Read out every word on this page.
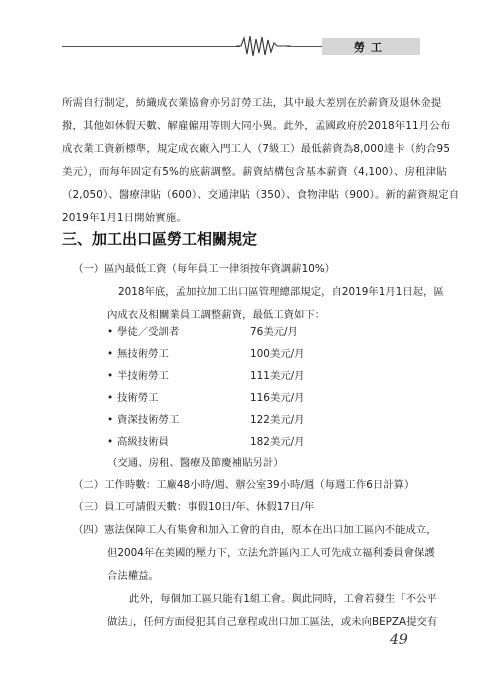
勞工

所需自行制定，紡織成衣業協會亦另訂勞工法，其中最大差別在於薪資及退休金提
撥，其他如休假天數、解雇僱用等則大同小異。此外，孟國政府於2018年11月公布
成衣業工資新標準，規定成衣廠入門工人（7級工）最低薪資為8,000達卡（約合95
美元），而每年固定有5%的底薪調整。薪資結構包含基本薪資（4,100）、房租津貼
（2,050）、醫療津貼（600）、交通津貼（350）、食物津貼（900）。新的薪資規定自
2019年1月1日開始實施。

三、加工出口區勞工相關規定
（一）區內最低工資（每年員工一律須按年資調薪10%）
2018年底，孟加拉加工出口區管理總部規定，自2019年1月1日起，區
內成衣及相關業員工調整薪資，最低工資如下：
• 學徒／受訓者	76美元/月
• 無技術勞工	100美元/月
• 半技術勞工	111美元/月
• 技術勞工	116美元/月
• 資深技術勞工	122美元/月
• 高級技術員	182美元/月
（交通、房租、醫療及節慶補貼另計）
（二）工作時數：工廠48小時/週、辦公室39小時/週（每週工作6日計算）
（三）員工可請假天數：事假10日/年、休假17日/年
（四）憲法保障工人有集會和加入工會的自由，原本在出口加工區內不能成立，
但2004年在美國的壓力下，立法允許區內工人可先成立福利委員會保護
合法權益。
此外，每個加工區只能有1組工會。與此同時，工會若發生「不公平
做法」，任何方面侵犯其自己章程或出口加工區法，或未向BEPZA提交有
49
